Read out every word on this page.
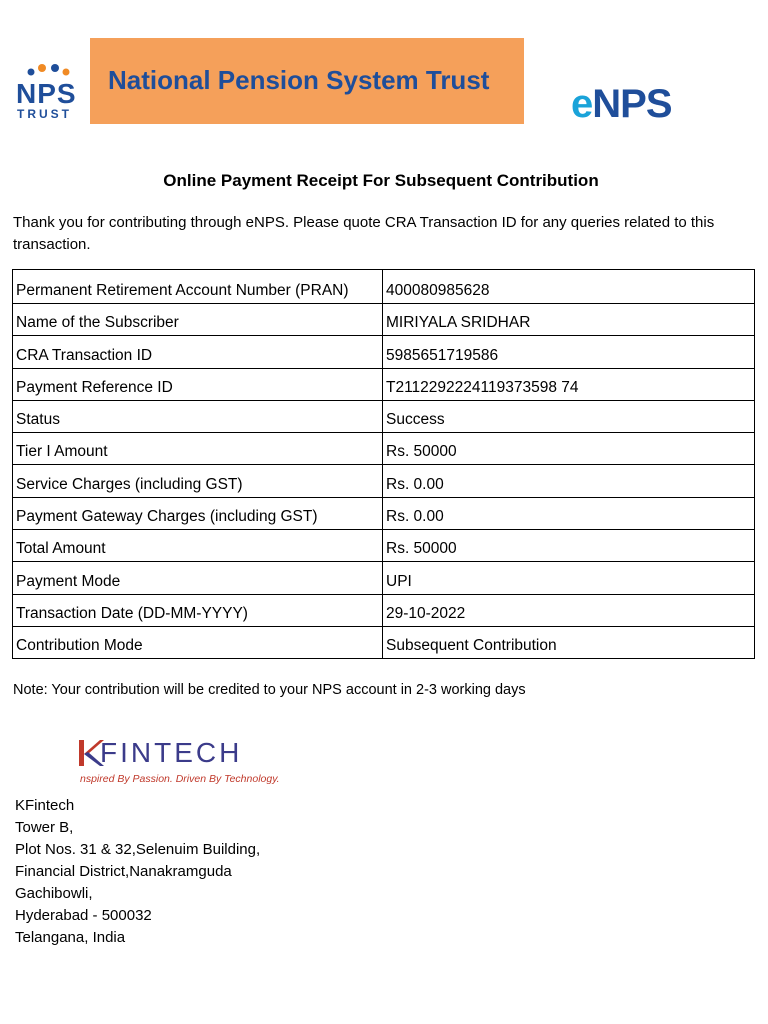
NPS
TRUST
National Pension System Trust
eNPS
Online Payment Receipt For Subsequent Contribution
Thank you for contributing through eNPS. Please quote CRA Transaction ID for any queries related to this transaction.
Permanent Retirement Account Number (PRAN)	400080985628
Name of the Subscriber	MIRIYALA SRIDHAR
CRA Transaction ID	5985651719586
Payment Reference ID	T2112292224119373598 74
Status	Success
Tier I Amount	Rs. 50000
Service Charges (including GST)	Rs. 0.00
Payment Gateway Charges (including GST)	Rs. 0.00
Total Amount	Rs. 50000
Payment Mode	UPI
Transaction Date (DD-MM-YYYY)	29-10-2022
Contribution Mode	Subsequent Contribution
Note: Your contribution will be credited to your NPS account in 2-3 working days
FINTECH
nspired By Passion. Driven By Technology.
KFintech
Tower B,
Plot Nos. 31 & 32,Selenuim Building,
Financial District,Nanakramguda
Gachibowli,
Hyderabad - 500032
Telangana, India
